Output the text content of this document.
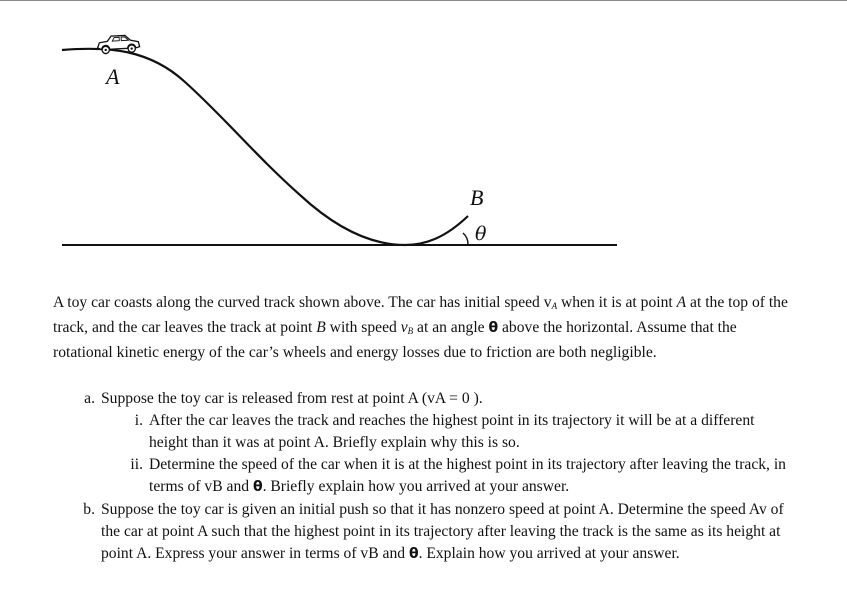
A
B
θ

A toy car coasts along the curved track shown above. The car has initial speed $v_A$ when it is at point A at the top of the track, and the car leaves the track at point B with speed $v_B$ at an angle θ above the horizontal. Assume that the rotational kinetic energy of the car’s wheels and energy losses due to friction are both negligible.

a. Suppose the toy car is released from rest at point A (vA = 0 ).
i. After the car leaves the track and reaches the highest point in its trajectory it will be at a different height than it was at point A. Briefly explain why this is so.
ii. Determine the speed of the car when it is at the highest point in its trajectory after leaving the track, in terms of vB and θ. Briefly explain how you arrived at your answer.
b. Suppose the toy car is given an initial push so that it has nonzero speed at point A. Determine the speed Av of the car at point A such that the highest point in its trajectory after leaving the track is the same as its height at point A. Express your answer in terms of vB and θ. Explain how you arrived at your answer.
